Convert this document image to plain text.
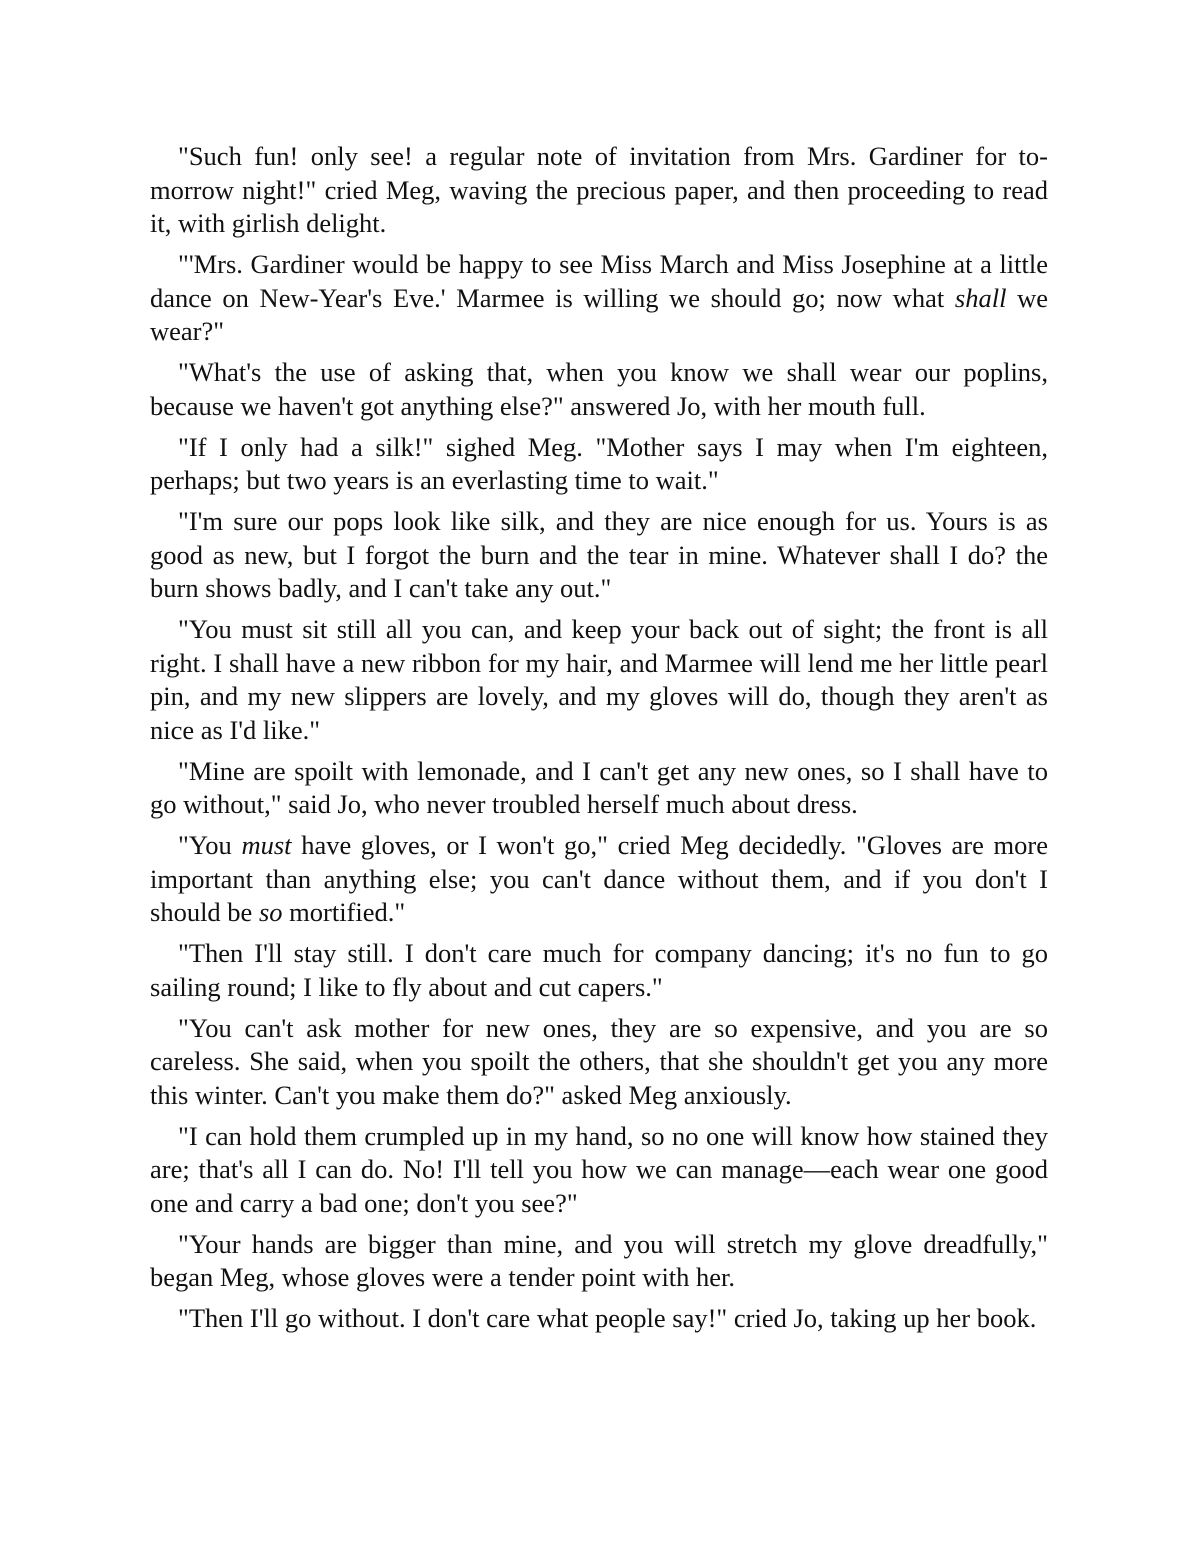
"Such fun! only see! a regular note of invitation from Mrs. Gardiner for to-morrow night!" cried Meg, waving the precious paper, and then proceeding to read it, with girlish delight.

"'Mrs. Gardiner would be happy to see Miss March and Miss Josephine at a little dance on New-Year's Eve.' Marmee is willing we should go; now what shall we wear?"

"What's the use of asking that, when you know we shall wear our poplins, because we haven't got anything else?" answered Jo, with her mouth full.

"If I only had a silk!" sighed Meg. "Mother says I may when I'm eighteen, perhaps; but two years is an everlasting time to wait."

"I'm sure our pops look like silk, and they are nice enough for us. Yours is as good as new, but I forgot the burn and the tear in mine. Whatever shall I do? the burn shows badly, and I can't take any out."

"You must sit still all you can, and keep your back out of sight; the front is all right. I shall have a new ribbon for my hair, and Marmee will lend me her little pearl pin, and my new slippers are lovely, and my gloves will do, though they aren't as nice as I'd like."

"Mine are spoilt with lemonade, and I can't get any new ones, so I shall have to go without," said Jo, who never troubled herself much about dress.

"You must have gloves, or I won't go," cried Meg decidedly. "Gloves are more important than anything else; you can't dance without them, and if you don't I should be so mortified."

"Then I'll stay still. I don't care much for company dancing; it's no fun to go sailing round; I like to fly about and cut capers."

"You can't ask mother for new ones, they are so expensive, and you are so careless. She said, when you spoilt the others, that she shouldn't get you any more this winter. Can't you make them do?" asked Meg anxiously.

"I can hold them crumpled up in my hand, so no one will know how stained they are; that's all I can do. No! I'll tell you how we can manage—each wear one good one and carry a bad one; don't you see?"

"Your hands are bigger than mine, and you will stretch my glove dreadfully," began Meg, whose gloves were a tender point with her.

"Then I'll go without. I don't care what people say!" cried Jo, taking up her book.
